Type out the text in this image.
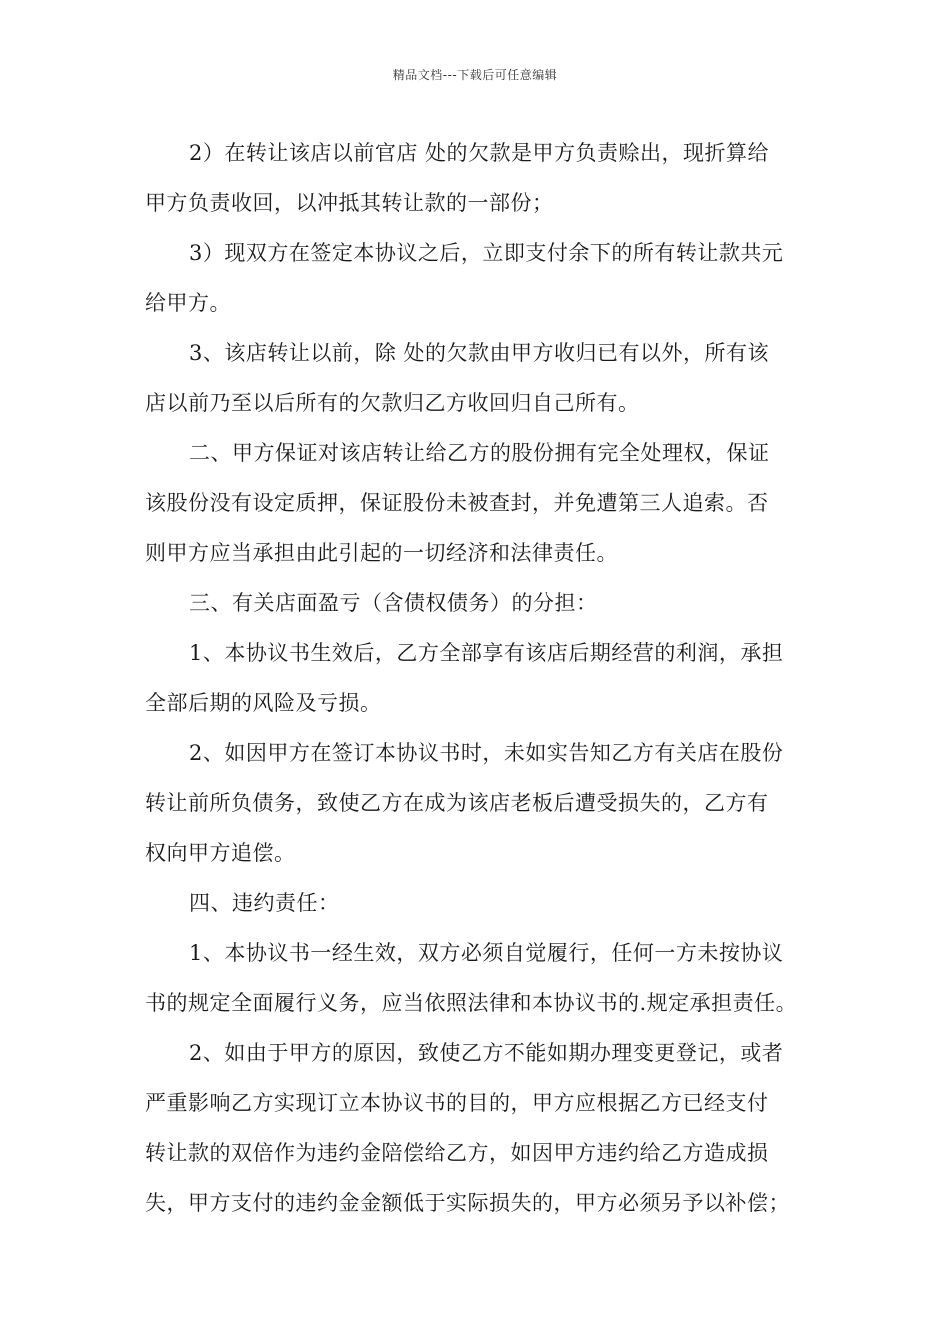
精品文档---下载后可任意编辑

2）在转让该店以前官店 处的欠款是甲方负责赊出，现折算给
甲方负责收回，以冲抵其转让款的一部份；

3）现双方在签定本协议之后，立即支付余下的所有转让款共元
给甲方。

3、该店转让以前，除 处的欠款由甲方收归已有以外，所有该
店以前乃至以后所有的欠款归乙方收回归自己所有。

二、甲方保证对该店转让给乙方的股份拥有完全处理权，保证
该股份没有设定质押，保证股份未被查封，并免遭第三人追索。否
则甲方应当承担由此引起的一切经济和法律责任。

三、有关店面盈亏（含债权债务）的分担：

1、本协议书生效后，乙方全部享有该店后期经营的利润，承担
全部后期的风险及亏损。

2、如因甲方在签订本协议书时，未如实告知乙方有关店在股份
转让前所负债务，致使乙方在成为该店老板后遭受损失的，乙方有
权向甲方追偿。

四、违约责任：

1、本协议书一经生效，双方必须自觉履行，任何一方未按协议
书的规定全面履行义务，应当依照法律和本协议书的.规定承担责任。

2、如由于甲方的原因，致使乙方不能如期办理变更登记，或者
严重影响乙方实现订立本协议书的目的，甲方应根据乙方已经支付
转让款的双倍作为违约金陪偿给乙方，如因甲方违约给乙方造成损
失，甲方支付的违约金金额低于实际损失的，甲方必须另予以补偿；
